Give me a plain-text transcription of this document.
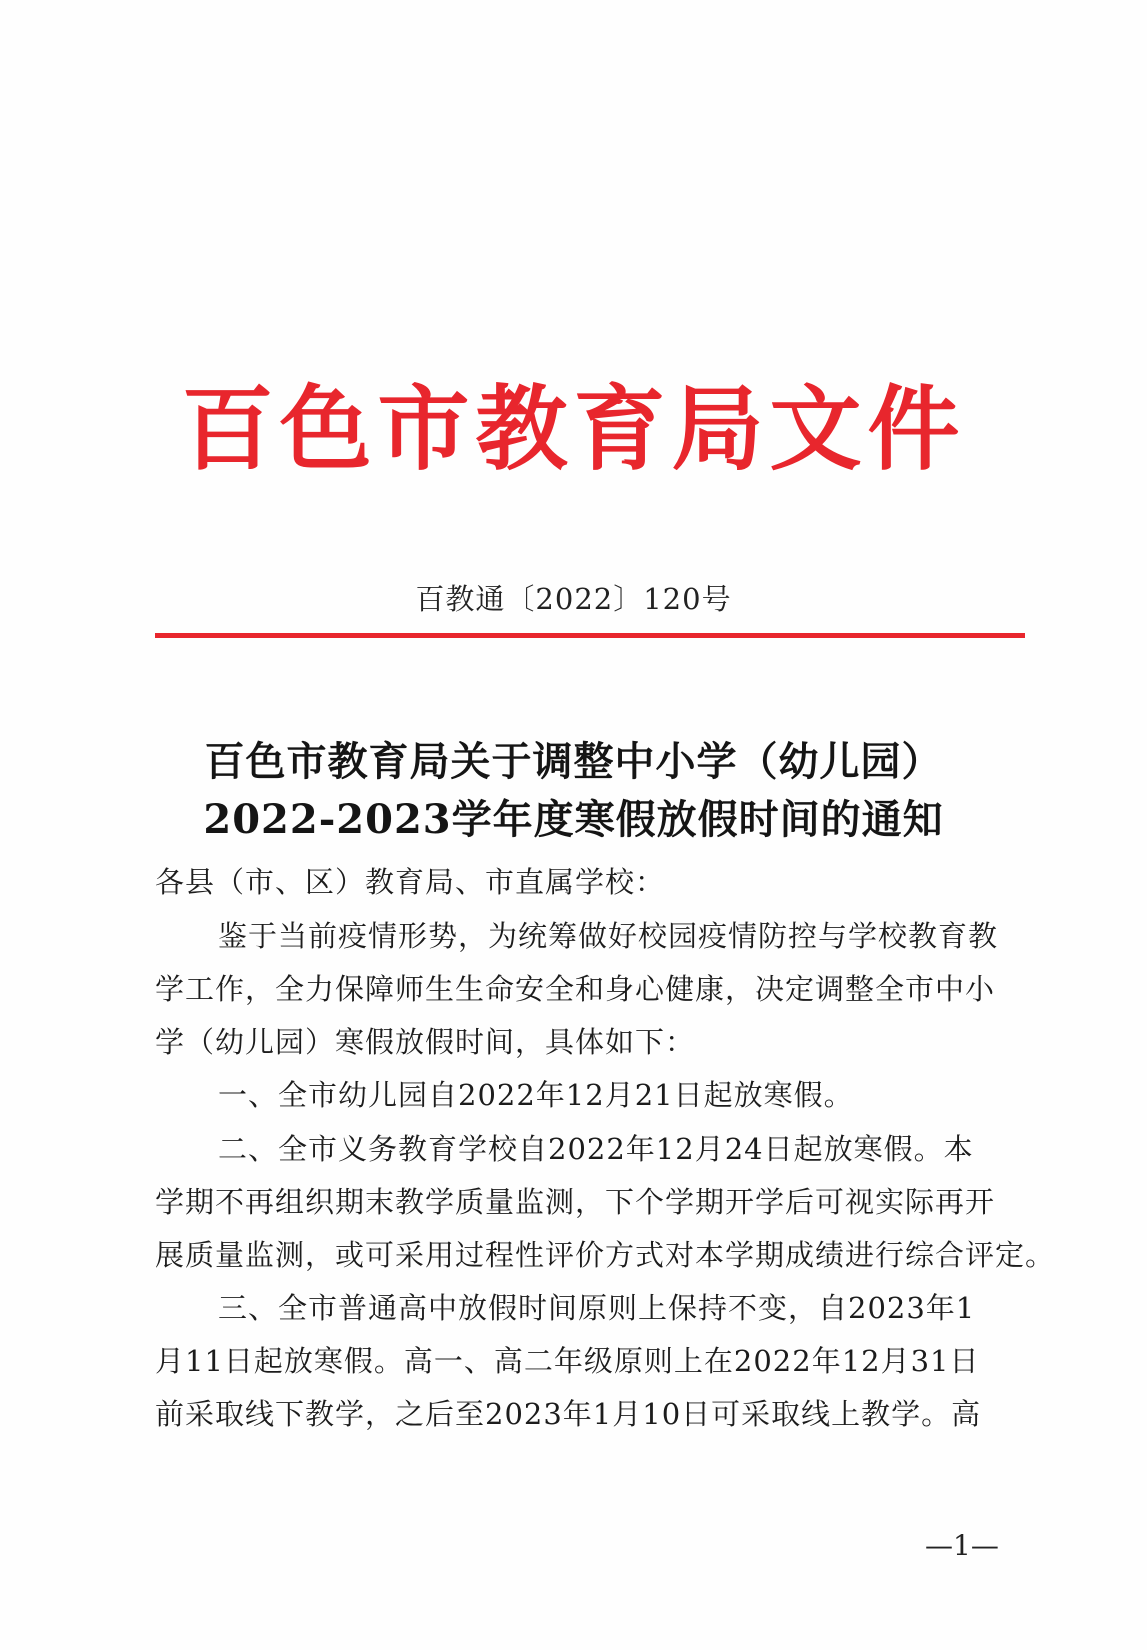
百色市教育局文件
百教通〔2022〕120号
百色市教育局关于调整中小学（幼儿园）
2022-2023学年度寒假放假时间的通知
各县（市、区）教育局、市直属学校：
鉴于当前疫情形势，为统筹做好校园疫情防控与学校教育教
学工作，全力保障师生生命安全和身心健康，决定调整全市中小
学（幼儿园）寒假放假时间，具体如下：
一、全市幼儿园自2022年12月21日起放寒假。
二、全市义务教育学校自2022年12月24日起放寒假。本
学期不再组织期末教学质量监测，下个学期开学后可视实际再开
展质量监测，或可采用过程性评价方式对本学期成绩进行综合评定。
三、全市普通高中放假时间原则上保持不变，自2023年1
月11日起放寒假。高一、高二年级原则上在2022年12月31日
前采取线下教学，之后至2023年1月10日可采取线上教学。高
—1—
